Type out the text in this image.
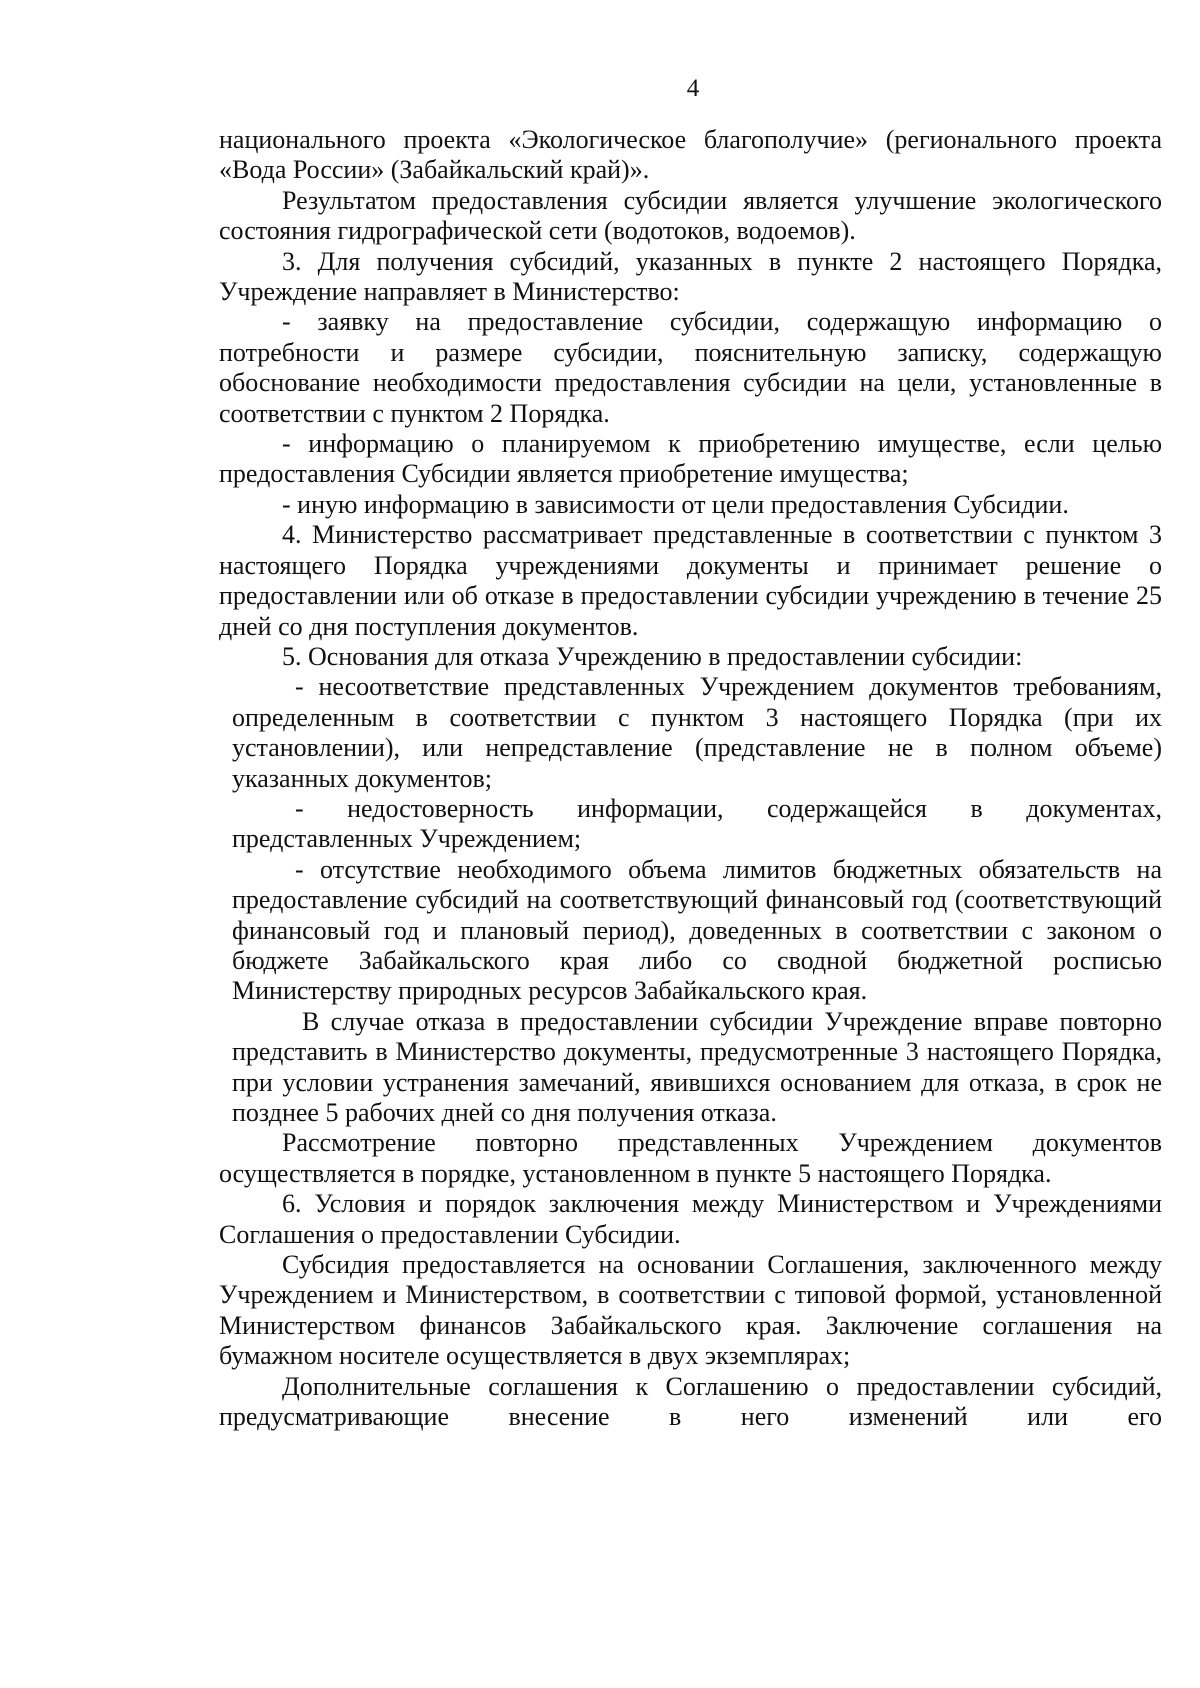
4

национального проекта «Экологическое благополучие» (регионального проекта «Вода России» (Забайкальский край)».

Результатом предоставления субсидии является улучшение экологического состояния гидрографической сети (водотоков, водоемов).

3. Для получения субсидий, указанных в пункте 2 настоящего Порядка, Учреждение направляет в Министерство:

- заявку на предоставление субсидии, содержащую информацию о потребности и размере субсидии, пояснительную записку, содержащую обоснование необходимости предоставления субсидии на цели, установленные в соответствии с пунктом 2 Порядка.

- информацию о планируемом к приобретению имуществе, если целью предоставления Субсидии является приобретение имущества;

- иную информацию в зависимости от цели предоставления Субсидии.

4. Министерство рассматривает представленные в соответствии с пунктом 3 настоящего Порядка учреждениями документы и принимает решение о предоставлении или об отказе в предоставлении субсидии учреждению в течение 25 дней со дня поступления документов.

5. Основания для отказа Учреждению в предоставлении субсидии:

- несоответствие представленных Учреждением документов требованиям, определенным в соответствии с пунктом 3 настоящего Порядка (при их установлении), или непредставление (представление не в полном объеме) указанных документов;

- недостоверность информации, содержащейся в документах, представленных Учреждением;

- отсутствие необходимого объема лимитов бюджетных обязательств на предоставление субсидий на соответствующий финансовый год (соответствующий финансовый год и плановый период), доведенных в соответствии с законом о бюджете Забайкальского края либо со сводной бюджетной росписью Министерству природных ресурсов Забайкальского края.

В случае отказа в предоставлении субсидии Учреждение вправе повторно представить в Министерство документы, предусмотренные 3 настоящего Порядка, при условии устранения замечаний, явившихся основанием для отказа, в срок не позднее 5 рабочих дней со дня получения отказа.

Рассмотрение повторно представленных Учреждением документов осуществляется в порядке, установленном в пункте 5 настоящего Порядка.

6. Условия и порядок заключения между Министерством и Учреждениями Соглашения о предоставлении Субсидии.

Субсидия предоставляется на основании Соглашения, заключенного между Учреждением и Министерством, в соответствии с типовой формой, установленной Министерством финансов Забайкальского края. Заключение соглашения на бумажном носителе осуществляется в двух экземплярах;

Дополнительные соглашения к Соглашению о предоставлении субсидий, предусматривающие внесение в него изменений или его
